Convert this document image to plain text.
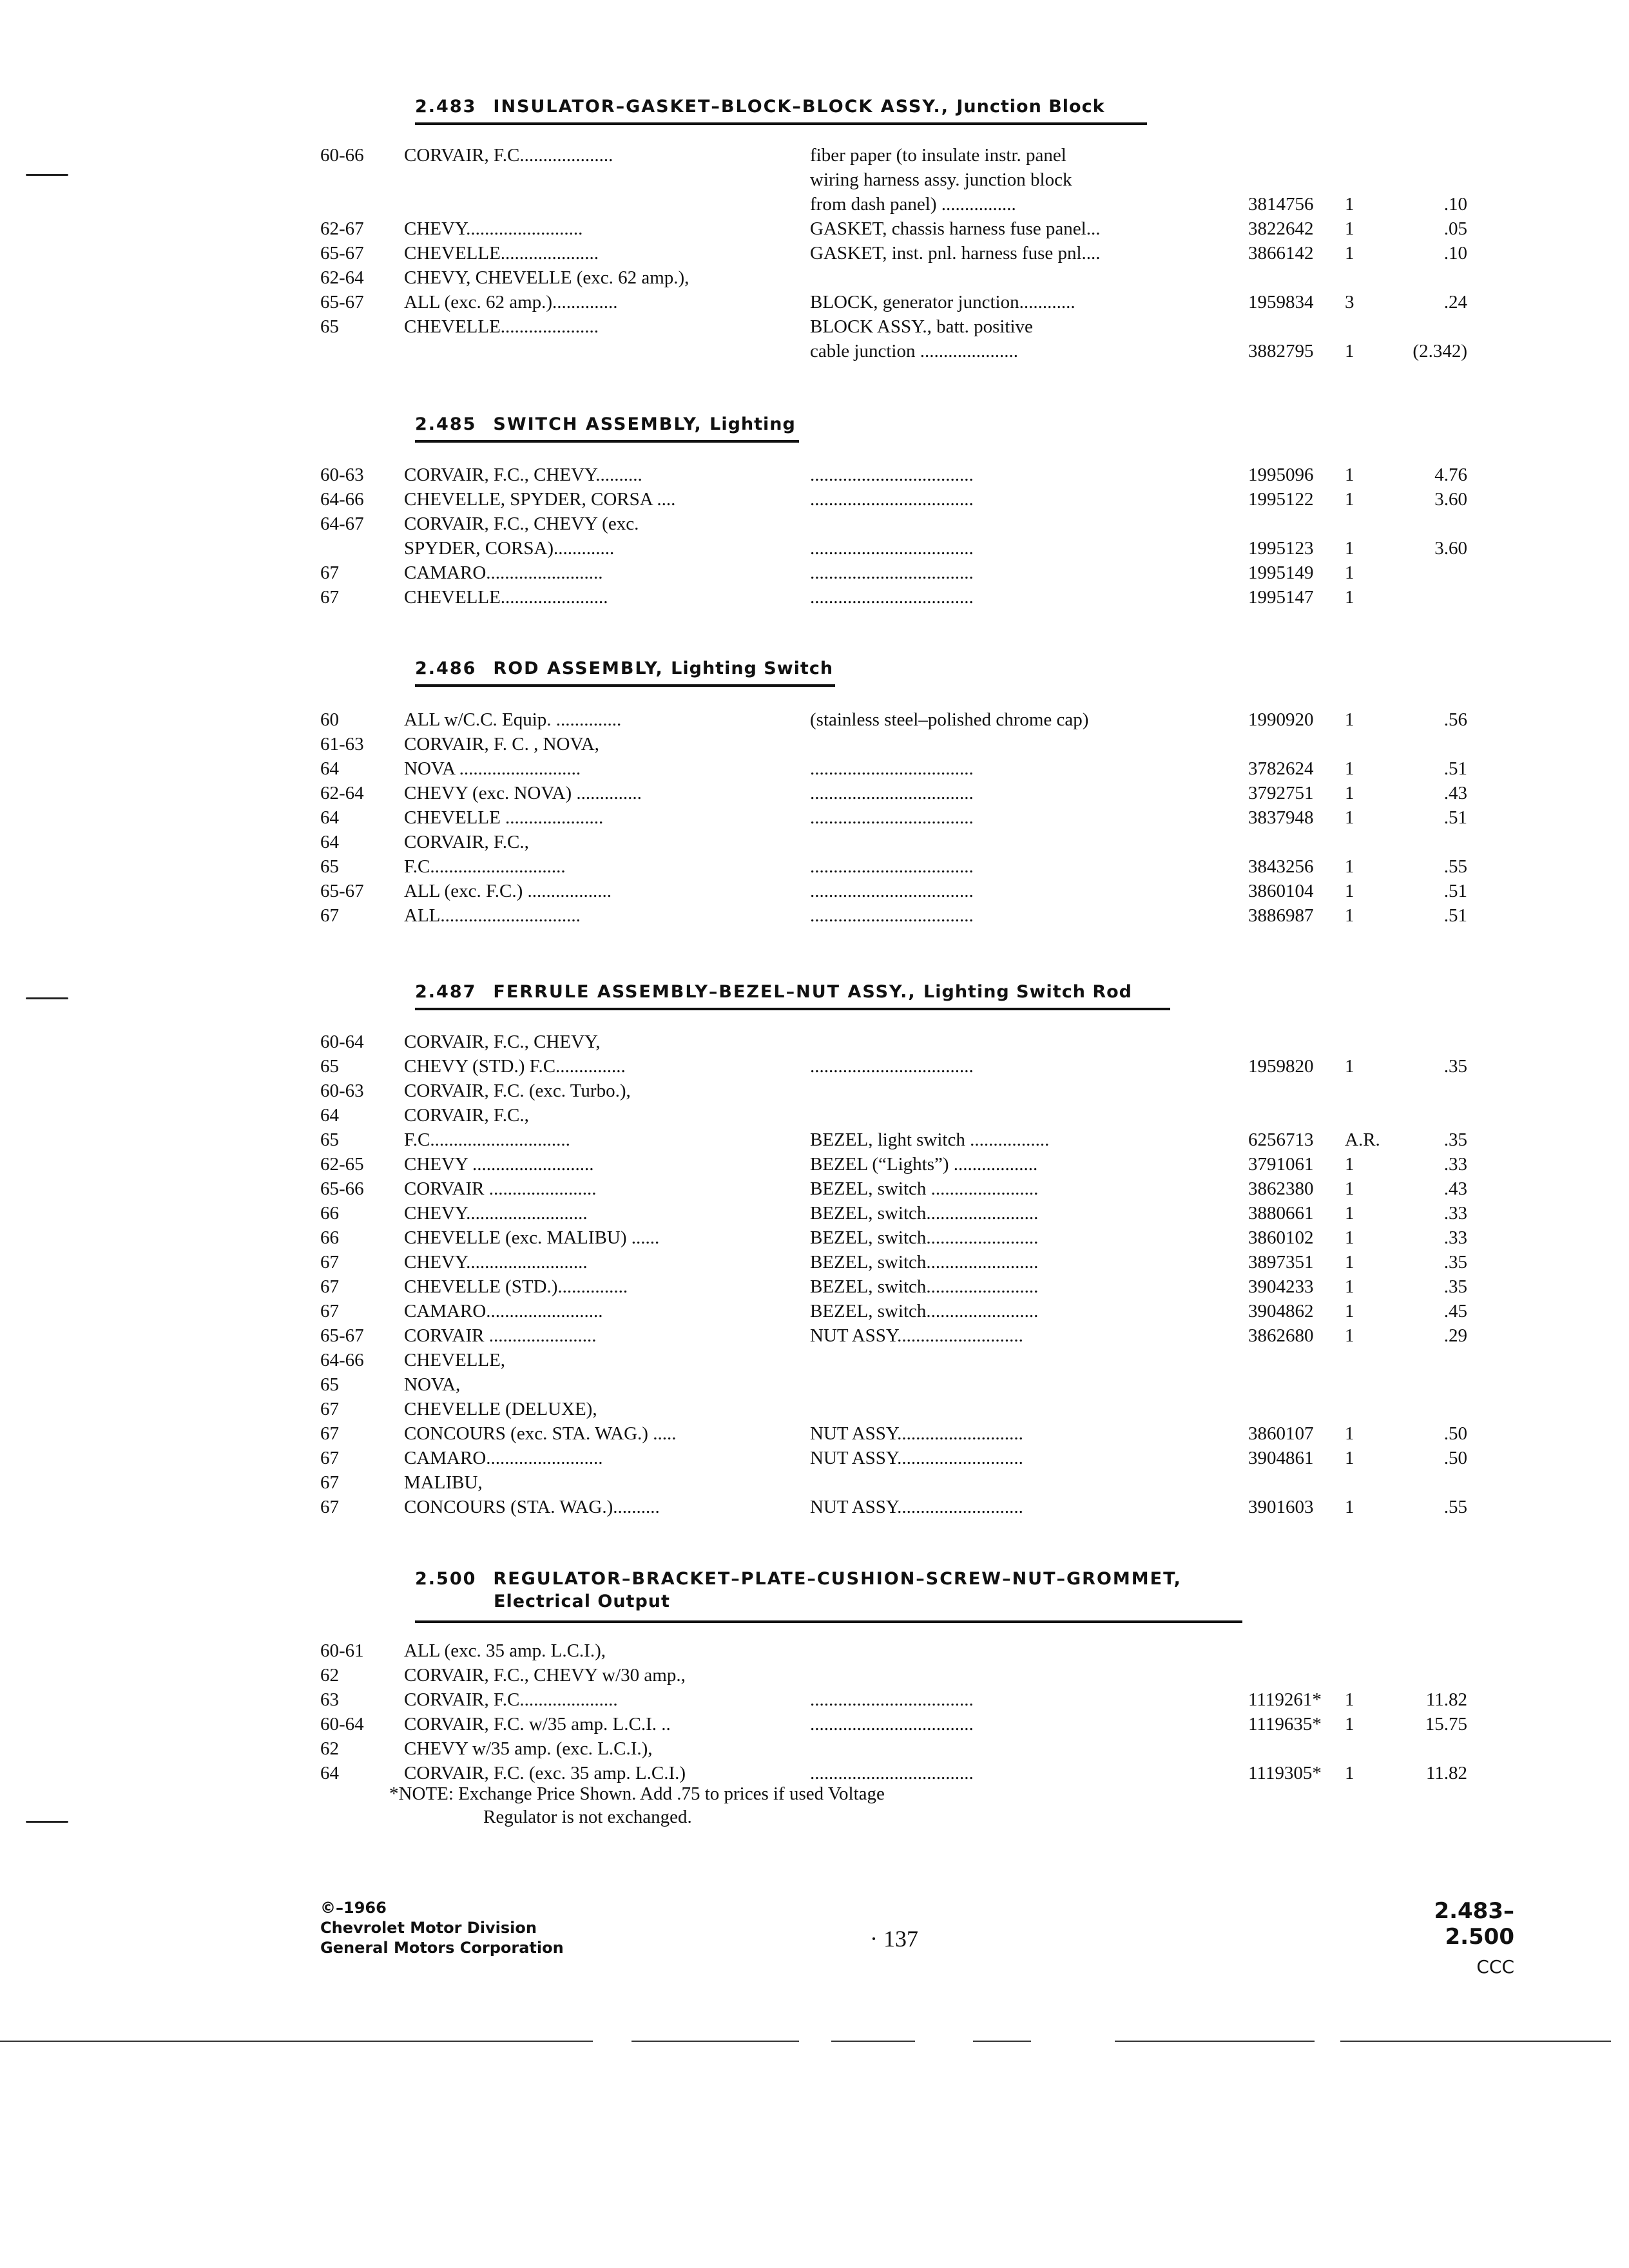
2.483 INSULATOR–GASKET–BLOCK–BLOCK ASSY., Junction Block
60-66 CORVAIR, F.C....................	fiber paper (to insulate instr. panel
wiring harness assy. junction block
from dash panel) ................	3814756 1	.10
62-67 CHEVY.........................	GASKET, chassis harness fuse panel...	3822642 1	.05
65-67 CHEVELLE.....................	GASKET, inst. pnl. harness fuse pnl....	3866142 1	.10
62-64 CHEVY, CHEVELLE (exc. 62 amp.),
65-67 ALL (exc. 62 amp.)..............	BLOCK, generator junction............	1959834 3	.24
65	CHEVELLE.....................	BLOCK ASSY., batt. positive
cable junction .....................	3882795 1	(2.342)
2.485 SWITCH ASSEMBLY, Lighting
60-63 CORVAIR, F.C., CHEVY..........	...................................	1995096 1	4.76
64-66 CHEVELLE, SPYDER, CORSA ....	...................................	1995122 1	3.60
64-67 CORVAIR, F.C., CHEVY (exc.
SPYDER, CORSA).............	...................................	1995123 1	3.60
67	CAMARO.........................	...................................	1995149 1
67	CHEVELLE.......................	...................................	1995147 1
2.486 ROD ASSEMBLY, Lighting Switch
60	ALL w/C.C. Equip. ..............	(stainless steel–polished chrome cap)	1990920 1	.56
61-63 CORVAIR, F. C. , NOVA,
64	NOVA ..........................	...................................	3782624 1	.51
62-64 CHEVY (exc. NOVA) ..............	...................................	3792751 1	.43
64	CHEVELLE .....................	...................................	3837948 1	.51
64	CORVAIR, F.C.,
65	F.C.............................	...................................	3843256 1	.55
65-67 ALL (exc. F.C.) ..................	...................................	3860104 1	.51
67	ALL..............................	...................................	3886987 1	.51
2.487 FERRULE ASSEMBLY–BEZEL–NUT ASSY., Lighting Switch Rod
60-64 CORVAIR, F.C., CHEVY,
65	CHEVY (STD.) F.C...............	...................................	1959820 1	.35
60-63 CORVAIR, F.C. (exc. Turbo.),
64	CORVAIR, F.C.,
65	F.C..............................	BEZEL, light switch .................	6256713 A.R.	.35
62-65 CHEVY ..........................	BEZEL (“Lights”) ..................	3791061 1	.33
65-66 CORVAIR .......................	BEZEL, switch .......................	3862380 1	.43
66	CHEVY..........................	BEZEL, switch........................	3880661 1	.33
66	CHEVELLE (exc. MALIBU) ......	BEZEL, switch........................	3860102 1	.33
67	CHEVY..........................	BEZEL, switch........................	3897351 1	.35
67	CHEVELLE (STD.)...............	BEZEL, switch........................	3904233 1	.35
67	CAMARO.........................	BEZEL, switch........................	3904862 1	.45
65-67 CORVAIR .......................	NUT ASSY...........................	3862680 1	.29
64-66 CHEVELLE,
65	NOVA,
67	CHEVELLE (DELUXE),
67	CONCOURS (exc. STA. WAG.) .....	NUT ASSY...........................	3860107 1	.50
67	CAMARO.........................	NUT ASSY...........................	3904861 1	.50
67	MALIBU,
67	CONCOURS (STA. WAG.)..........	NUT ASSY...........................	3901603 1	.55
2.500 REGULATOR–BRACKET–PLATE–CUSHION–SCREW–NUT–GROMMET,
Electrical Output
60-61 ALL (exc. 35 amp. L.C.I.),
62	CORVAIR, F.C., CHEVY w/30 amp.,
63	CORVAIR, F.C.....................	...................................	1119261* 1	11.82
60-64 CORVAIR, F.C. w/35 amp. L.C.I. ..	...................................	1119635* 1	15.75
62	CHEVY w/35 amp. (exc. L.C.I.),
64	CORVAIR, F.C. (exc. 35 amp. L.C.I.)	...................................	1119305* 1	11.82
*NOTE: Exchange Price Shown. Add .75 to prices if used Voltage
Regulator is not exchanged.
©–1966
Chevrolet Motor Division
General Motors Corporation	· 137
2.483–2.500
CCC
